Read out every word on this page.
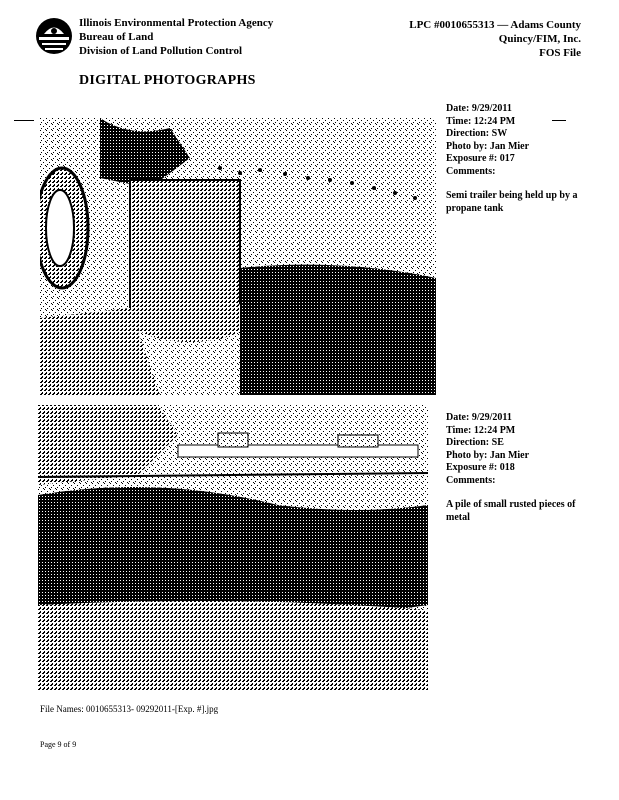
Illinois Environmental Protection Agency
Bureau of Land
Division of Land Pollution Control
LPC #0010655313 — Adams County
Quincy/FIM, Inc.
FOS File
DIGITAL PHOTOGRAPHS
Date: 9/29/2011
Time: 12:24 PM
Direction: SW
Photo by: Jan Mier
Exposure #: 017
Comments:
Semi trailer being held up by a propane tank
Date: 9/29/2011
Time: 12:24 PM
Direction: SE
Photo by: Jan Mier
Exposure #: 018
Comments:
A pile of small rusted pieces of metal
File Names: 0010655313- 09292011-[Exp. #].jpg
Page 9 of 9
